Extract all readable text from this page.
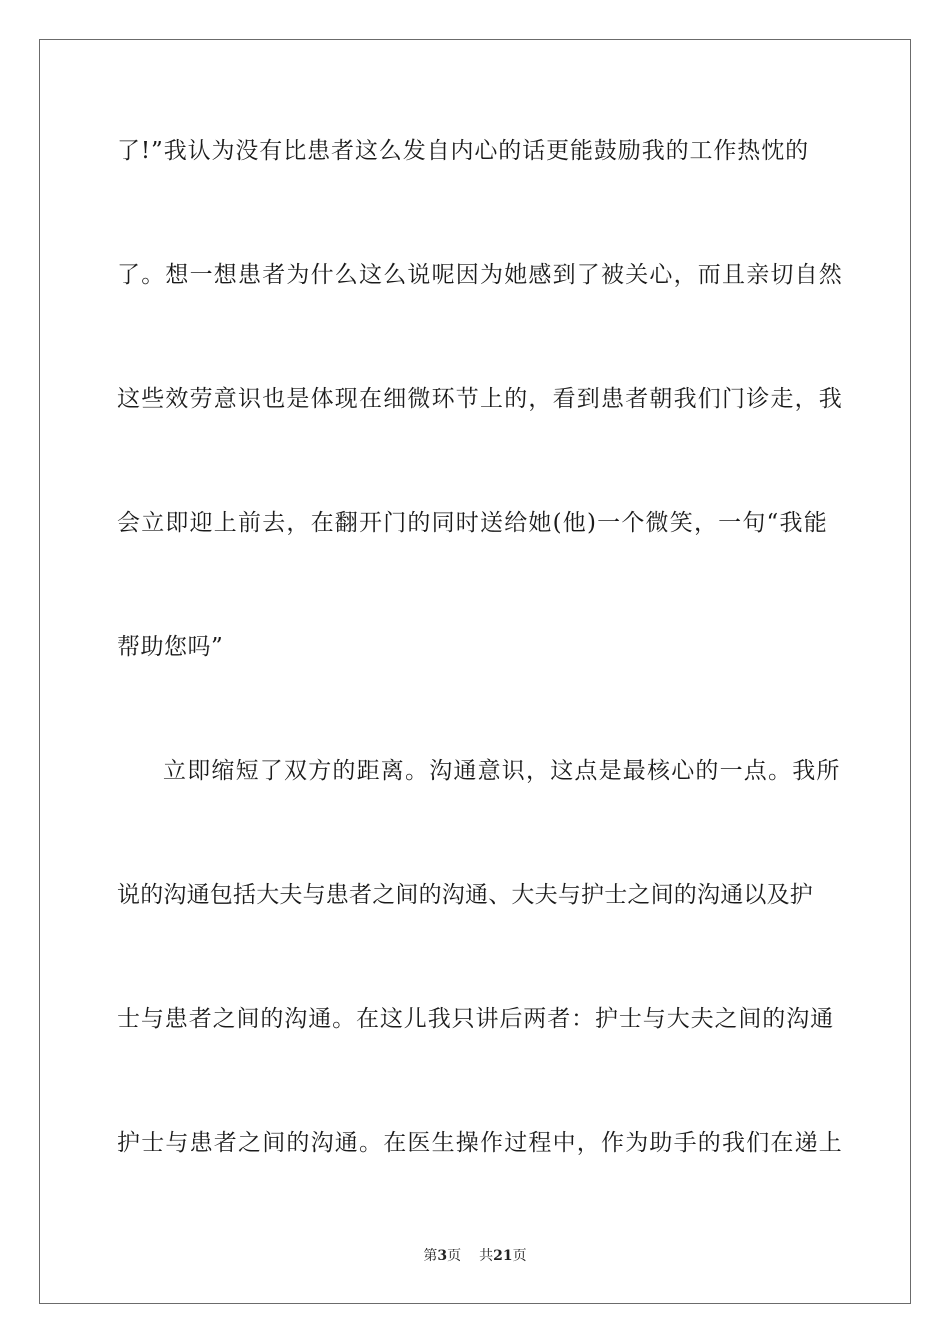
了!”我认为没有比患者这么发自内心的话更能鼓励我的工作热忱的
了。想一想患者为什么这么说呢因为她感到了被关心，而且亲切自然
这些效劳意识也是体现在细微环节上的，看到患者朝我们门诊走，我
会立即迎上前去，在翻开门的同时送给她(他)一个微笑，一句“我能
帮助您吗”
立即缩短了双方的距离。沟通意识，这点是最核心的一点。我所
说的沟通包括大夫与患者之间的沟通、大夫与护士之间的沟通以及护
士与患者之间的沟通。在这儿我只讲后两者：护士与大夫之间的沟通
护士与患者之间的沟通。在医生操作过程中，作为助手的我们在递上
第3页 共21页
